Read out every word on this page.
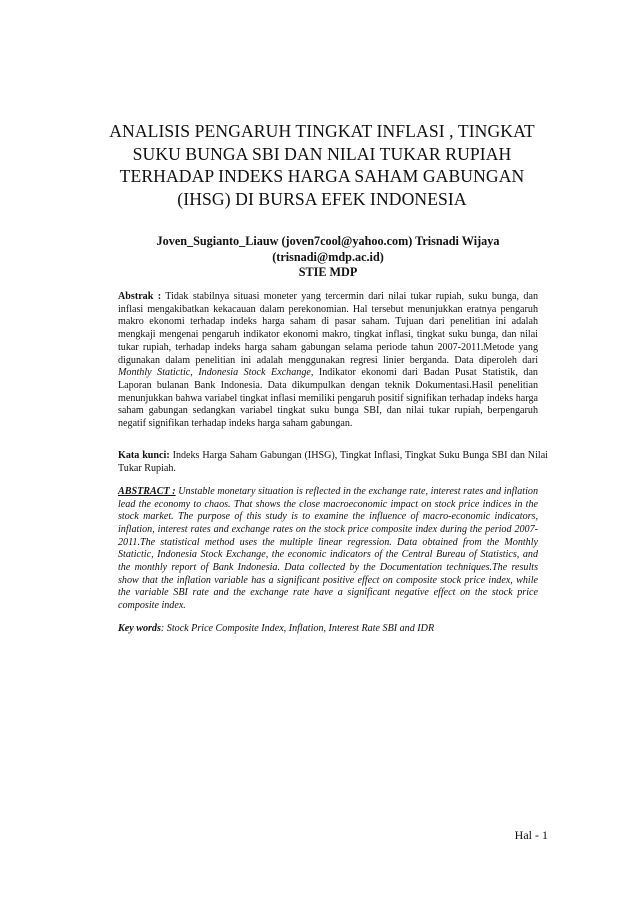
ANALISIS PENGARUH TINGKAT INFLASI , TINGKAT
SUKU BUNGA SBI DAN NILAI TUKAR RUPIAH
TERHADAP INDEKS HARGA SAHAM GABUNGAN
(IHSG) DI BURSA EFEK INDONESIA
Joven_Sugianto_Liauw (joven7cool@yahoo.com) Trisnadi Wijaya
(trisnadi@mdp.ac.id)
STIE MDP
Abstrak : Tidak stabilnya situasi moneter yang tercermin dari nilai tukar rupiah, suku bunga, dan inflasi mengakibatkan kekacauan dalam perekonomian. Hal tersebut menunjukkan eratnya pengaruh makro ekonomi terhadap indeks harga saham di pasar saham. Tujuan dari penelitian ini adalah mengkaji mengenai pengaruh indikator ekonomi makro, tingkat inflasi, tingkat suku bunga, dan nilai tukar rupiah, terhadap indeks harga saham gabungan selama periode tahun 2007-2011.Metode yang digunakan dalam penelitian ini adalah menggunakan regresi linier berganda. Data diperoleh dari Monthly Statictic, Indonesia Stock Exchange, Indikator ekonomi dari Badan Pusat Statistik, dan Laporan bulanan Bank Indonesia. Data dikumpulkan dengan teknik Dokumentasi.Hasil penelitian menunjukkan bahwa variabel tingkat inflasi memiliki pengaruh positif signifikan terhadap indeks harga saham gabungan sedangkan variabel tingkat suku bunga SBI, dan nilai tukar rupiah, berpengaruh negatif signifikan terhadap indeks harga saham gabungan.
Kata kunci: Indeks Harga Saham Gabungan (IHSG), Tingkat Inflasi, Tingkat Suku Bunga SBI dan Nilai Tukar Rupiah.
ABSTRACT : Unstable monetary situation is reflected in the exchange rate, interest rates and inflation lead the economy to chaos. That shows the close macroeconomic impact on stock price indices in the stock market. The purpose of this study is to examine the influence of macro-economic indicators, inflation, interest rates and exchange rates on the stock price composite index during the period 2007-2011.The statistical method uses the multiple linear regression. Data obtained from the Monthly Statictic, Indonesia Stock Exchange, the economic indicators of the Central Bureau of Statistics, and the monthly report of Bank Indonesia. Data collected by the Documentation techniques.The results show that the inflation variable has a significant positive effect on composite stock price index, while the variable SBI rate and the exchange rate have a significant negative effect on the stock price composite index.
Key words: Stock Price Composite Index, Inflation, Interest Rate SBI and IDR
Hal - 1
